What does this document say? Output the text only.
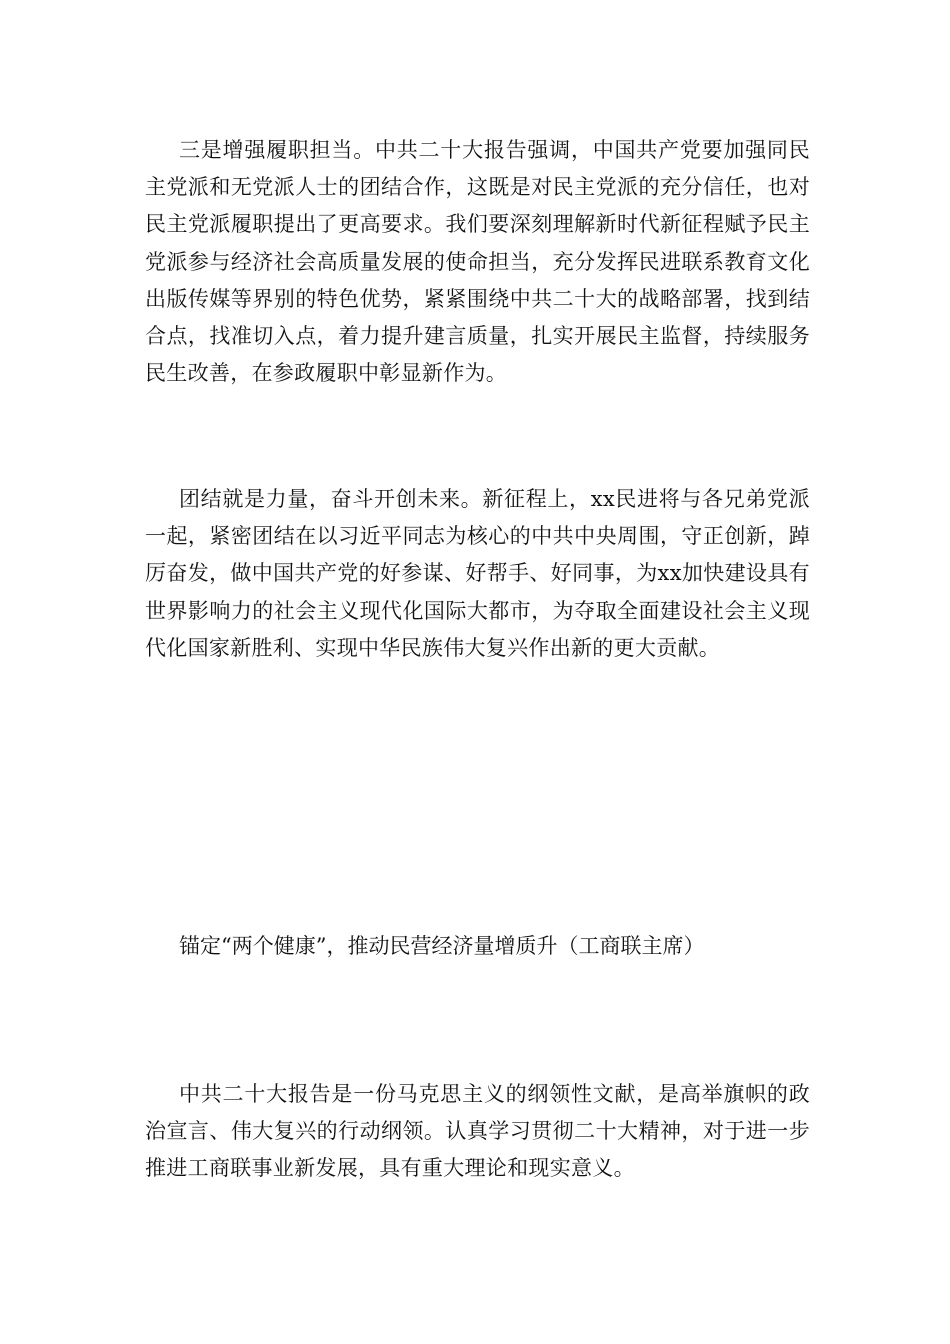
三是增强履职担当。中共二十大报告强调，中国共产党要加强同民主党派和无党派人士的团结合作，这既是对民主党派的充分信任，也对民主党派履职提出了更高要求。我们要深刻理解新时代新征程赋予民主党派参与经济社会高质量发展的使命担当，充分发挥民进联系教育文化出版传媒等界别的特色优势，紧紧围绕中共二十大的战略部署，找到结合点，找准切入点，着力提升建言质量，扎实开展民主监督，持续服务民生改善，在参政履职中彰显新作为。

团结就是力量，奋斗开创未来。新征程上，xx民进将与各兄弟党派一起，紧密团结在以习近平同志为核心的中共中央周围，守正创新，踔厉奋发，做中国共产党的好参谋、好帮手、好同事，为xx加快建设具有世界影响力的社会主义现代化国际大都市，为夺取全面建设社会主义现代化国家新胜利、实现中华民族伟大复兴作出新的更大贡献。

锚定“两个健康”，推动民营经济量增质升（工商联主席）

中共二十大报告是一份马克思主义的纲领性文献，是高举旗帜的政治宣言、伟大复兴的行动纲领。认真学习贯彻二十大精神，对于进一步推进工商联事业新发展，具有重大理论和现实意义。
